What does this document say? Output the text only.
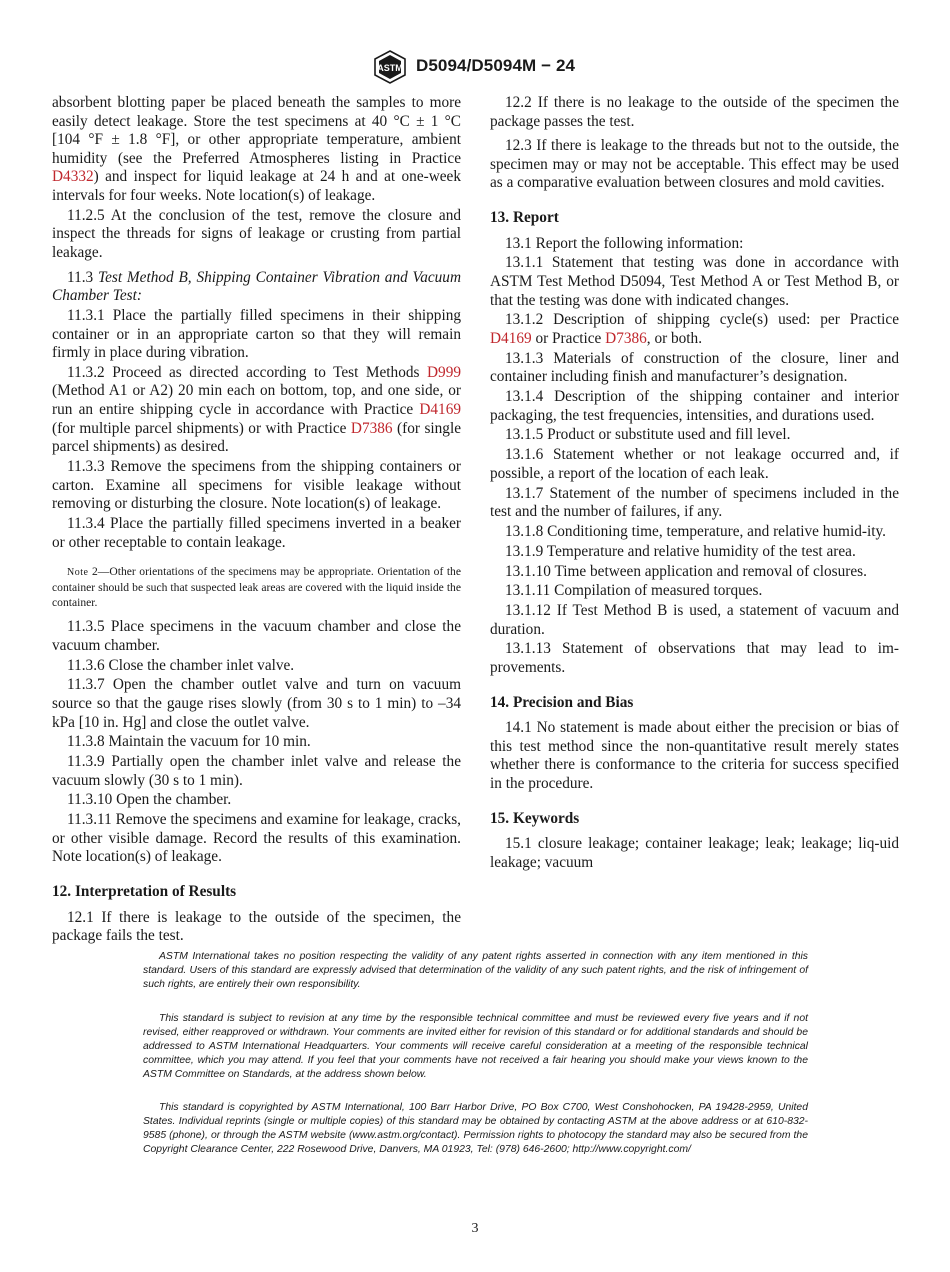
ASTM D5094/D5094M − 24

absorbent blotting paper be placed beneath the samples to more easily detect leakage. Store the test specimens at 40 °C ± 1 °C [104 °F ± 1.8 °F], or other appropriate temperature, ambient humidity (see the Preferred Atmospheres listing in Practice D4332) and inspect for liquid leakage at 24 h and at one-week intervals for four weeks. Note location(s) of leakage.

11.2.5 At the conclusion of the test, remove the closure and inspect the threads for signs of leakage or crusting from partial leakage.

11.3 Test Method B, Shipping Container Vibration and Vacuum Chamber Test:

11.3.1 Place the partially filled specimens in their shipping container or in an appropriate carton so that they will remain firmly in place during vibration.

11.3.2 Proceed as directed according to Test Methods D999 (Method A1 or A2) 20 min each on bottom, top, and one side, or run an entire shipping cycle in accordance with Practice D4169 (for multiple parcel shipments) or with Practice D7386 (for single parcel shipments) as desired.

11.3.3 Remove the specimens from the shipping containers or carton. Examine all specimens for visible leakage without removing or disturbing the closure. Note location(s) of leakage.

11.3.4 Place the partially filled specimens inverted in a beaker or other receptable to contain leakage.

Note 2—Other orientations of the specimens may be appropriate. Orientation of the container should be such that suspected leak areas are covered with the liquid inside the container.

11.3.5 Place specimens in the vacuum chamber and close the vacuum chamber.

11.3.6 Close the chamber inlet valve.

11.3.7 Open the chamber outlet valve and turn on vacuum source so that the gauge rises slowly (from 30 s to 1 min) to –34 kPa [10 in. Hg] and close the outlet valve.

11.3.8 Maintain the vacuum for 10 min.

11.3.9 Partially open the chamber inlet valve and release the vacuum slowly (30 s to 1 min).

11.3.10 Open the chamber.

11.3.11 Remove the specimens and examine for leakage, cracks, or other visible damage. Record the results of this examination. Note location(s) of leakage.

12. Interpretation of Results

12.1 If there is leakage to the outside of the specimen, the package fails the test.

12.2 If there is no leakage to the outside of the specimen the package passes the test.

12.3 If there is leakage to the threads but not to the outside, the specimen may or may not be acceptable. This effect may be used as a comparative evaluation between closures and mold cavities.

13. Report

13.1 Report the following information:

13.1.1 Statement that testing was done in accordance with ASTM Test Method D5094, Test Method A or Test Method B, or that the testing was done with indicated changes.

13.1.2 Description of shipping cycle(s) used: per Practice D4169 or Practice D7386, or both.

13.1.3 Materials of construction of the closure, liner and container including finish and manufacturer’s designation.

13.1.4 Description of the shipping container and interior packaging, the test frequencies, intensities, and durations used.

13.1.5 Product or substitute used and fill level.

13.1.6 Statement whether or not leakage occurred and, if possible, a report of the location of each leak.

13.1.7 Statement of the number of specimens included in the test and the number of failures, if any.

13.1.8 Conditioning time, temperature, and relative humid-ity.

13.1.9 Temperature and relative humidity of the test area.

13.1.10 Time between application and removal of closures.

13.1.11 Compilation of measured torques.

13.1.12 If Test Method B is used, a statement of vacuum and duration.

13.1.13 Statement of observations that may lead to im-provements.

14. Precision and Bias

14.1 No statement is made about either the precision or bias of this test method since the non-quantitative result merely states whether there is conformance to the criteria for success specified in the procedure.

15. Keywords

15.1 closure leakage; container leakage; leak; leakage; liq-uid leakage; vacuum

ASTM International takes no position respecting the validity of any patent rights asserted in connection with any item mentioned in this standard. Users of this standard are expressly advised that determination of the validity of any such patent rights, and the risk of infringement of such rights, are entirely their own responsibility.

This standard is subject to revision at any time by the responsible technical committee and must be reviewed every five years and if not revised, either reapproved or withdrawn. Your comments are invited either for revision of this standard or for additional standards and should be addressed to ASTM International Headquarters. Your comments will receive careful consideration at a meeting of the responsible technical committee, which you may attend. If you feel that your comments have not received a fair hearing you should make your views known to the ASTM Committee on Standards, at the address shown below.

This standard is copyrighted by ASTM International, 100 Barr Harbor Drive, PO Box C700, West Conshohocken, PA 19428-2959, United States. Individual reprints (single or multiple copies) of this standard may be obtained by contacting ASTM at the above address or at 610-832-9585 (phone), or through the ASTM website (www.astm.org/contact). Permission rights to photocopy the standard may also be secured from the Copyright Clearance Center, 222 Rosewood Drive, Danvers, MA 01923, Tel: (978) 646-2600; http://www.copyright.com/

3
